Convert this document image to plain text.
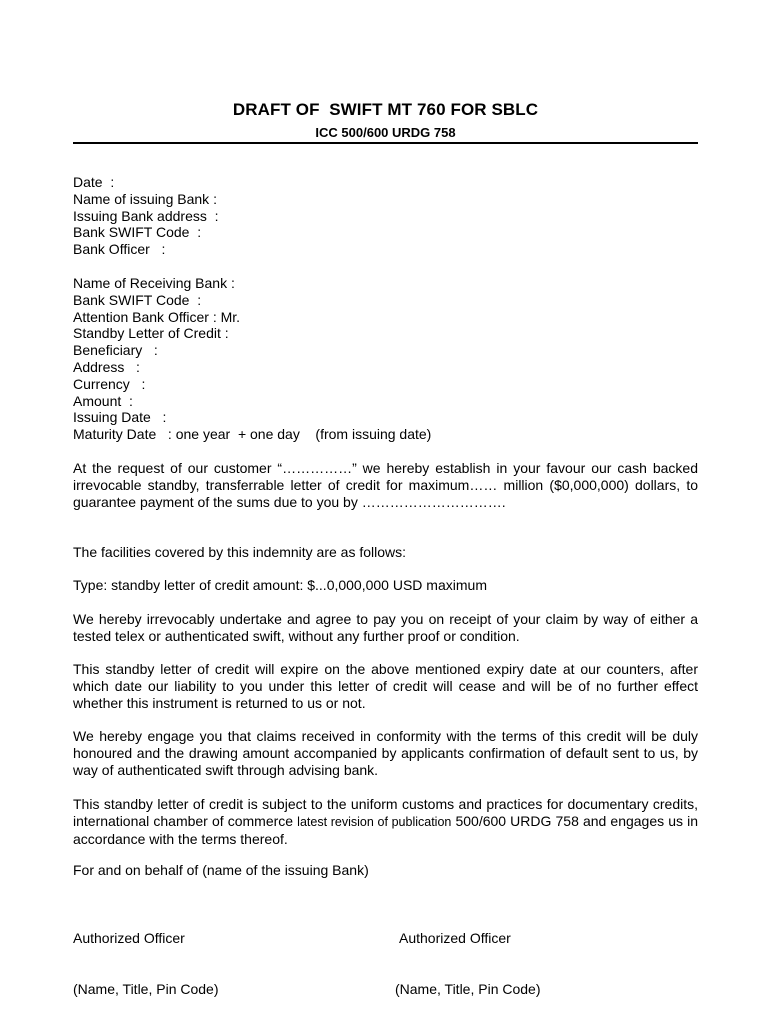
DRAFT OF  SWIFT MT 760 FOR SBLC
ICC 500/600 URDG 758
Date  :
Name of issuing Bank :
Issuing Bank address  :
Bank SWIFT Code  :
Bank Officer   :
Name of Receiving Bank :
Bank SWIFT Code  :
Attention Bank Officer : Mr.
Standby Letter of Credit :
Beneficiary   :
Address   :
Currency   :
Amount  :
Issuing Date   :
Maturity Date   : one year  + one day    (from issuing date)

At the request of our customer “……………” we hereby establish in your favour our cash backed irrevocable standby, transferrable letter of credit for maximum…… million ($0,000,000) dollars, to guarantee payment of the sums due to you by ………………………….

The facilities covered by this indemnity are as follows:

Type: standby letter of credit amount: $...0,000,000 USD maximum

We hereby irrevocably undertake and agree to pay you on receipt of your claim by way of either a tested telex or authenticated swift, without any further proof or condition.

This standby letter of credit will expire on the above mentioned expiry date at our counters, after which date our liability to you under this letter of credit will cease and will be of no further effect whether this instrument is returned to us or not.

We hereby engage you that claims received in conformity with the terms of this credit will be duly honoured and the drawing amount accompanied by applicants confirmation of default sent to us, by way of authenticated swift through advising bank.

This standby letter of credit is subject to the uniform customs and practices for documentary credits, international chamber of commerce latest revision of publication 500/600 URDG 758 and engages us in accordance with the terms thereof.

For and on behalf of (name of the issuing Bank)

Authorized Officer

(Name, Title, Pin Code)

Authorized Officer

(Name, Title, Pin Code)
